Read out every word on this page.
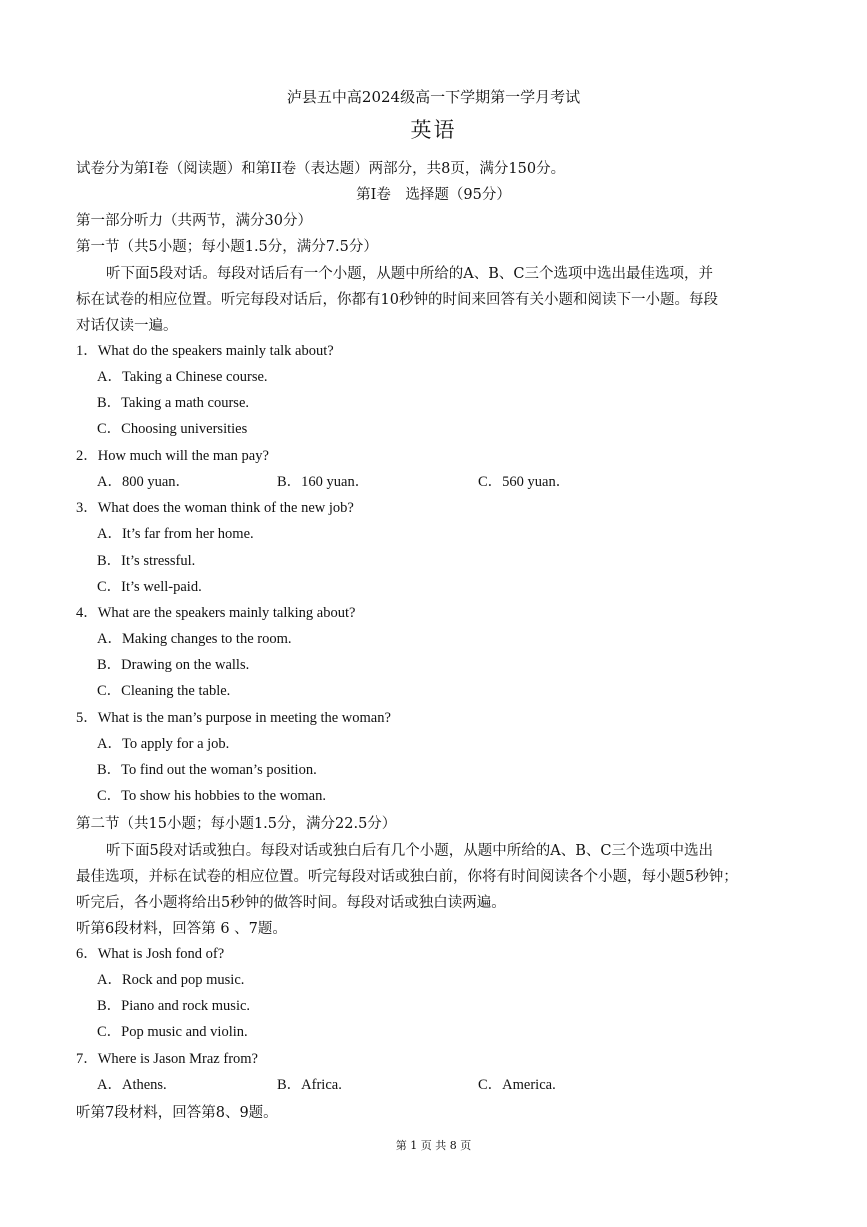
泸县五中高2024级高一下学期第一学月考试
英语
试卷分为第I卷（阅读题）和第II卷（表达题）两部分，共8页，满分150分。
第I卷　选择题（95分）
第一部分听力（共两节，满分30分）
第一节（共5小题；每小题1.5分，满分7.5分）
听下面5段对话。每段对话后有一个小题，从题中所给的A、B、C三个选项中选出最佳选项，并
标在试卷的相应位置。听完每段对话后，你都有10秒钟的时间来回答有关小题和阅读下一小题。每段
对话仅读一遍。
1．What do the speakers mainly talk about?
A．Taking a Chinese course.
B．Taking a math course.
C．Choosing universities
2．How much will the man pay?
A．800 yuan．	B．160 yuan．	C．560 yuan．
3．What does the woman think of the new job?
A．It’s far from her home.
B．It’s stressful.
C．It’s well-paid.
4．What are the speakers mainly talking about?
A．Making changes to the room.
B．Drawing on the walls.
C．Cleaning the table.
5．What is the man’s purpose in meeting the woman?
A．To apply for a job.
B．To find out the woman’s position.
C．To show his hobbies to the woman.
第二节（共15小题；每小题1.5分，满分22.5分）
听下面5段对话或独白。每段对话或独白后有几个小题，从题中所给的A、B、C三个选项中选出
最佳选项，并标在试卷的相应位置。听完每段对话或独白前，你将有时间阅读各个小题，每小题5秒钟；
听完后，各小题将给出5秒钟的做答时间。每段对话或独白读两遍。
听第6段材料，回答第 6 、7题。
6．What is Josh fond of?
A．Rock and pop music.
B．Piano and rock music.
C．Pop music and violin.
7．Where is Jason Mraz from?
A．Athens.	B．Africa.	C．America.
听第7段材料，回答第8、9题。
第 1 页 共 8 页
